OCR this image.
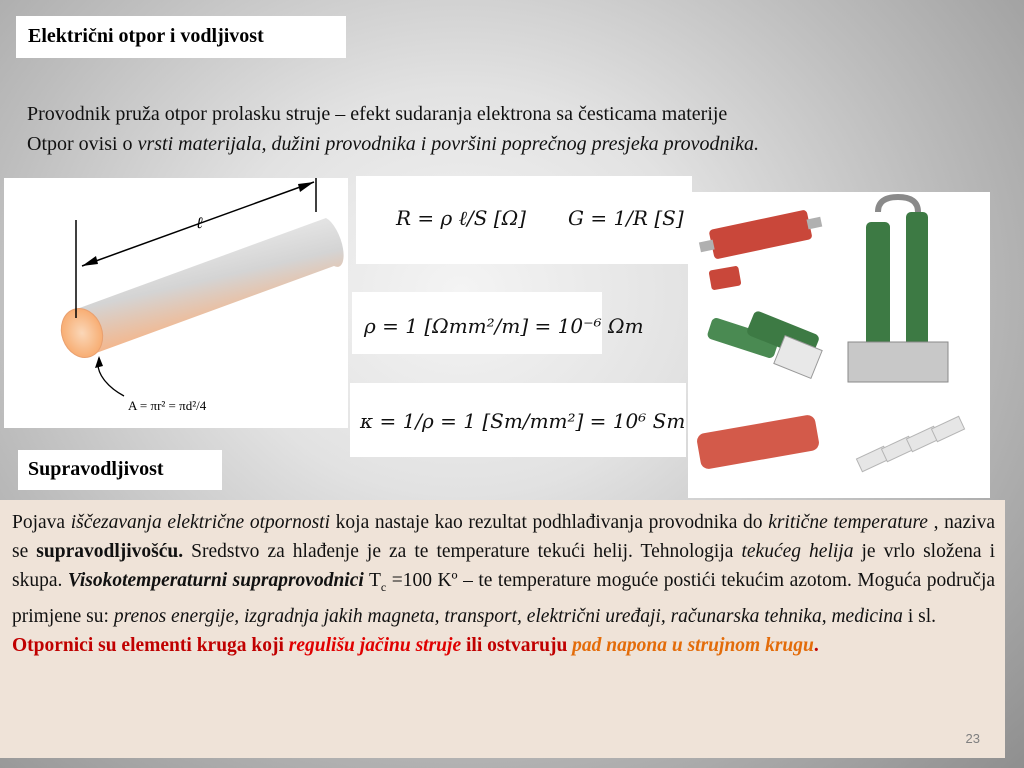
Električni otpor i vodljivost
Provodnik pruža otpor prolasku struje – efekt sudaranja elektrona sa česticama materije
Otpor ovisi o vrsti materijala, dužini provodnika i površini poprečnog presjeka provodnika.
ℓ
A = πr² = πd²/4
R = ρ ℓ/S [Ω] G = 1/R [S]
ρ = 1 [Ωmm²/m] = 10⁻⁶ Ωm
κ = 1/ρ = 1 [Sm/mm²] = 10⁶ Sm
Supravodljivost

Pojava iščezavanja električne otpornosti koja nastaje kao rezultat podhlađivanja provodnika do kritične temperature , naziva se supravodljivošću. Sredstvo za hlađenje je za te temperature tekući helij. Tehnologija tekućeg helija je vrlo složena i skupa. Visokotemperaturni supraprovodnici $T_c =100$ Kº – te temperature moguće postići tekućim azotom. Moguća područja primjene su: prenos energije, izgradnja jakih magneta, transport, električni uređaji, računarska tehnika, medicina i sl.

Otpornici su elementi kruga koji regulišu jačinu struje ili ostvaruju pad napona u strujnom krugu.

23
